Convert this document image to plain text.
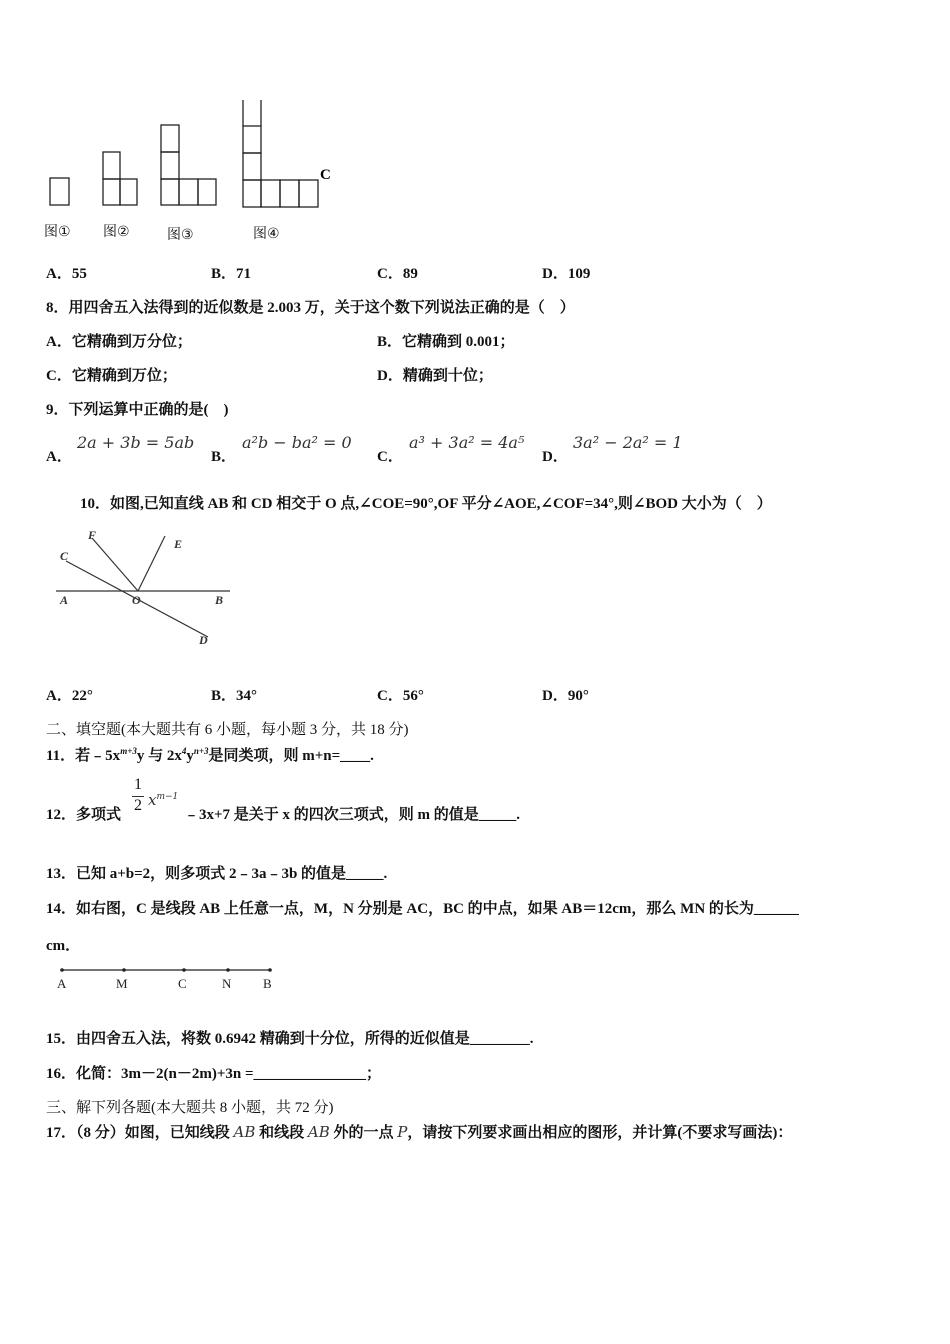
C
图① 图②	图③	图④
A．55	B．71	C．89	D．109
8．用四舍五入法得到的近似数是 2.003 万，关于这个数下列说法正确的是（　）
A．它精确到万分位；	B．它精确到 0.001；
C．它精确到万位；	D．精确到十位；
9．下列运算中正确的是(　)
A．
2a + 3b = 5ab
B．
a²b − ba² = 0
C．
a³ + 3a² = 4a⁵
D．
3a² − 2a² = 1
10．如图,已知直线 AB 和 CD 相交于 O 点,∠COE=90°,OF 平分∠AOE,∠COF=34°,则∠BOD 大小为（　）
C
F
E
A	O	B
D
A．22°	B．34°	C．56°	D．90°
二、填空题(本大题共有 6 小题，每小题 3 分，共 18 分)
11．若$﹣5x^{m+3}y$ 与 $2x^4y^{n+3}$是同类项，则 m+n=____.
12．多项式
1
2 $x^{m-1}$
﹣3x+7 是关于 x 的四次三项式，则 m 的值是_____.
13．已知 a+b=2，则多项式 2﹣3a﹣3b 的值是_____.
14．如右图，C 是线段 AB 上任意一点，M，N 分别是 AC，BC 的中点，如果 AB＝12cm，那么 MN 的长为______
cm．
A	M	C	N B
15．由四舍五入法，将数 0.6942 精确到十分位，所得的近似值是________.
16．化简：3m－2(n－2m)+3n =_______________；
三、解下列各题(本大题共 8 小题，共 72 分)
17．（8 分）如图，已知线段 AB 和线段 AB 外的一点 P，请按下列要求画出相应的图形，并计算(不要求写画法)：
